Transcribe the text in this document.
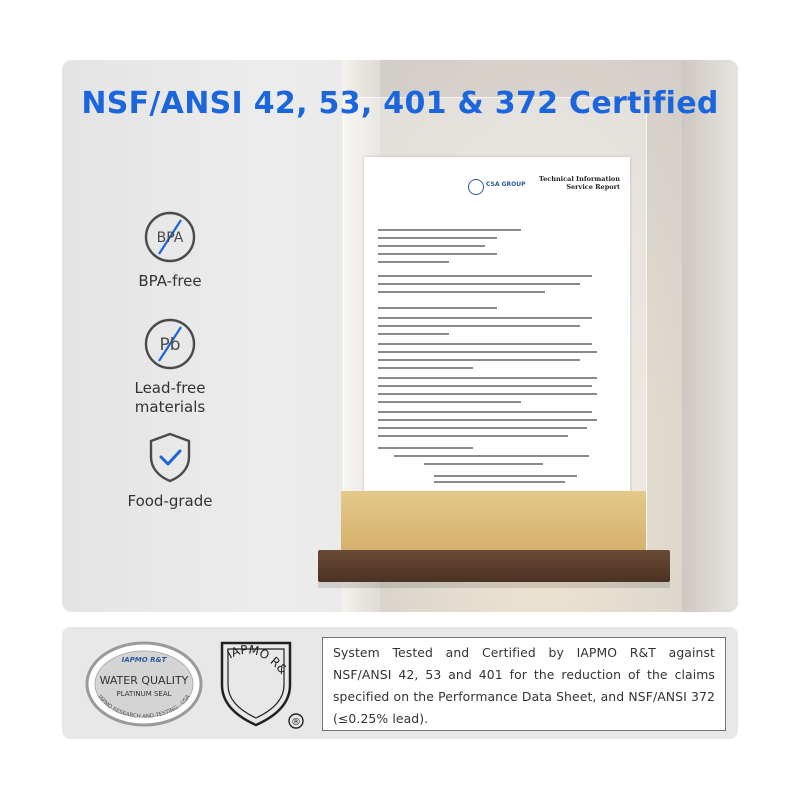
NSF/ANSI 42, 53, 401 & 372 Certified
CSA GROUP
Technical Information Service Report
BPA
BPA-free
Pb
Lead-free materials
Food-grade
IAPMO R&T
WATER QUALITY
PLATINUM SEAL
IAPMO RESEARCH AND TESTING · USA
IAPMO R&
®
System Tested and Certified by IAPMO R&T against NSF/ANSI 42, 53 and 401 for the reduction of the claims specified on the Performance Data Sheet, and NSF/ANSI 372 (≤0.25% lead).
